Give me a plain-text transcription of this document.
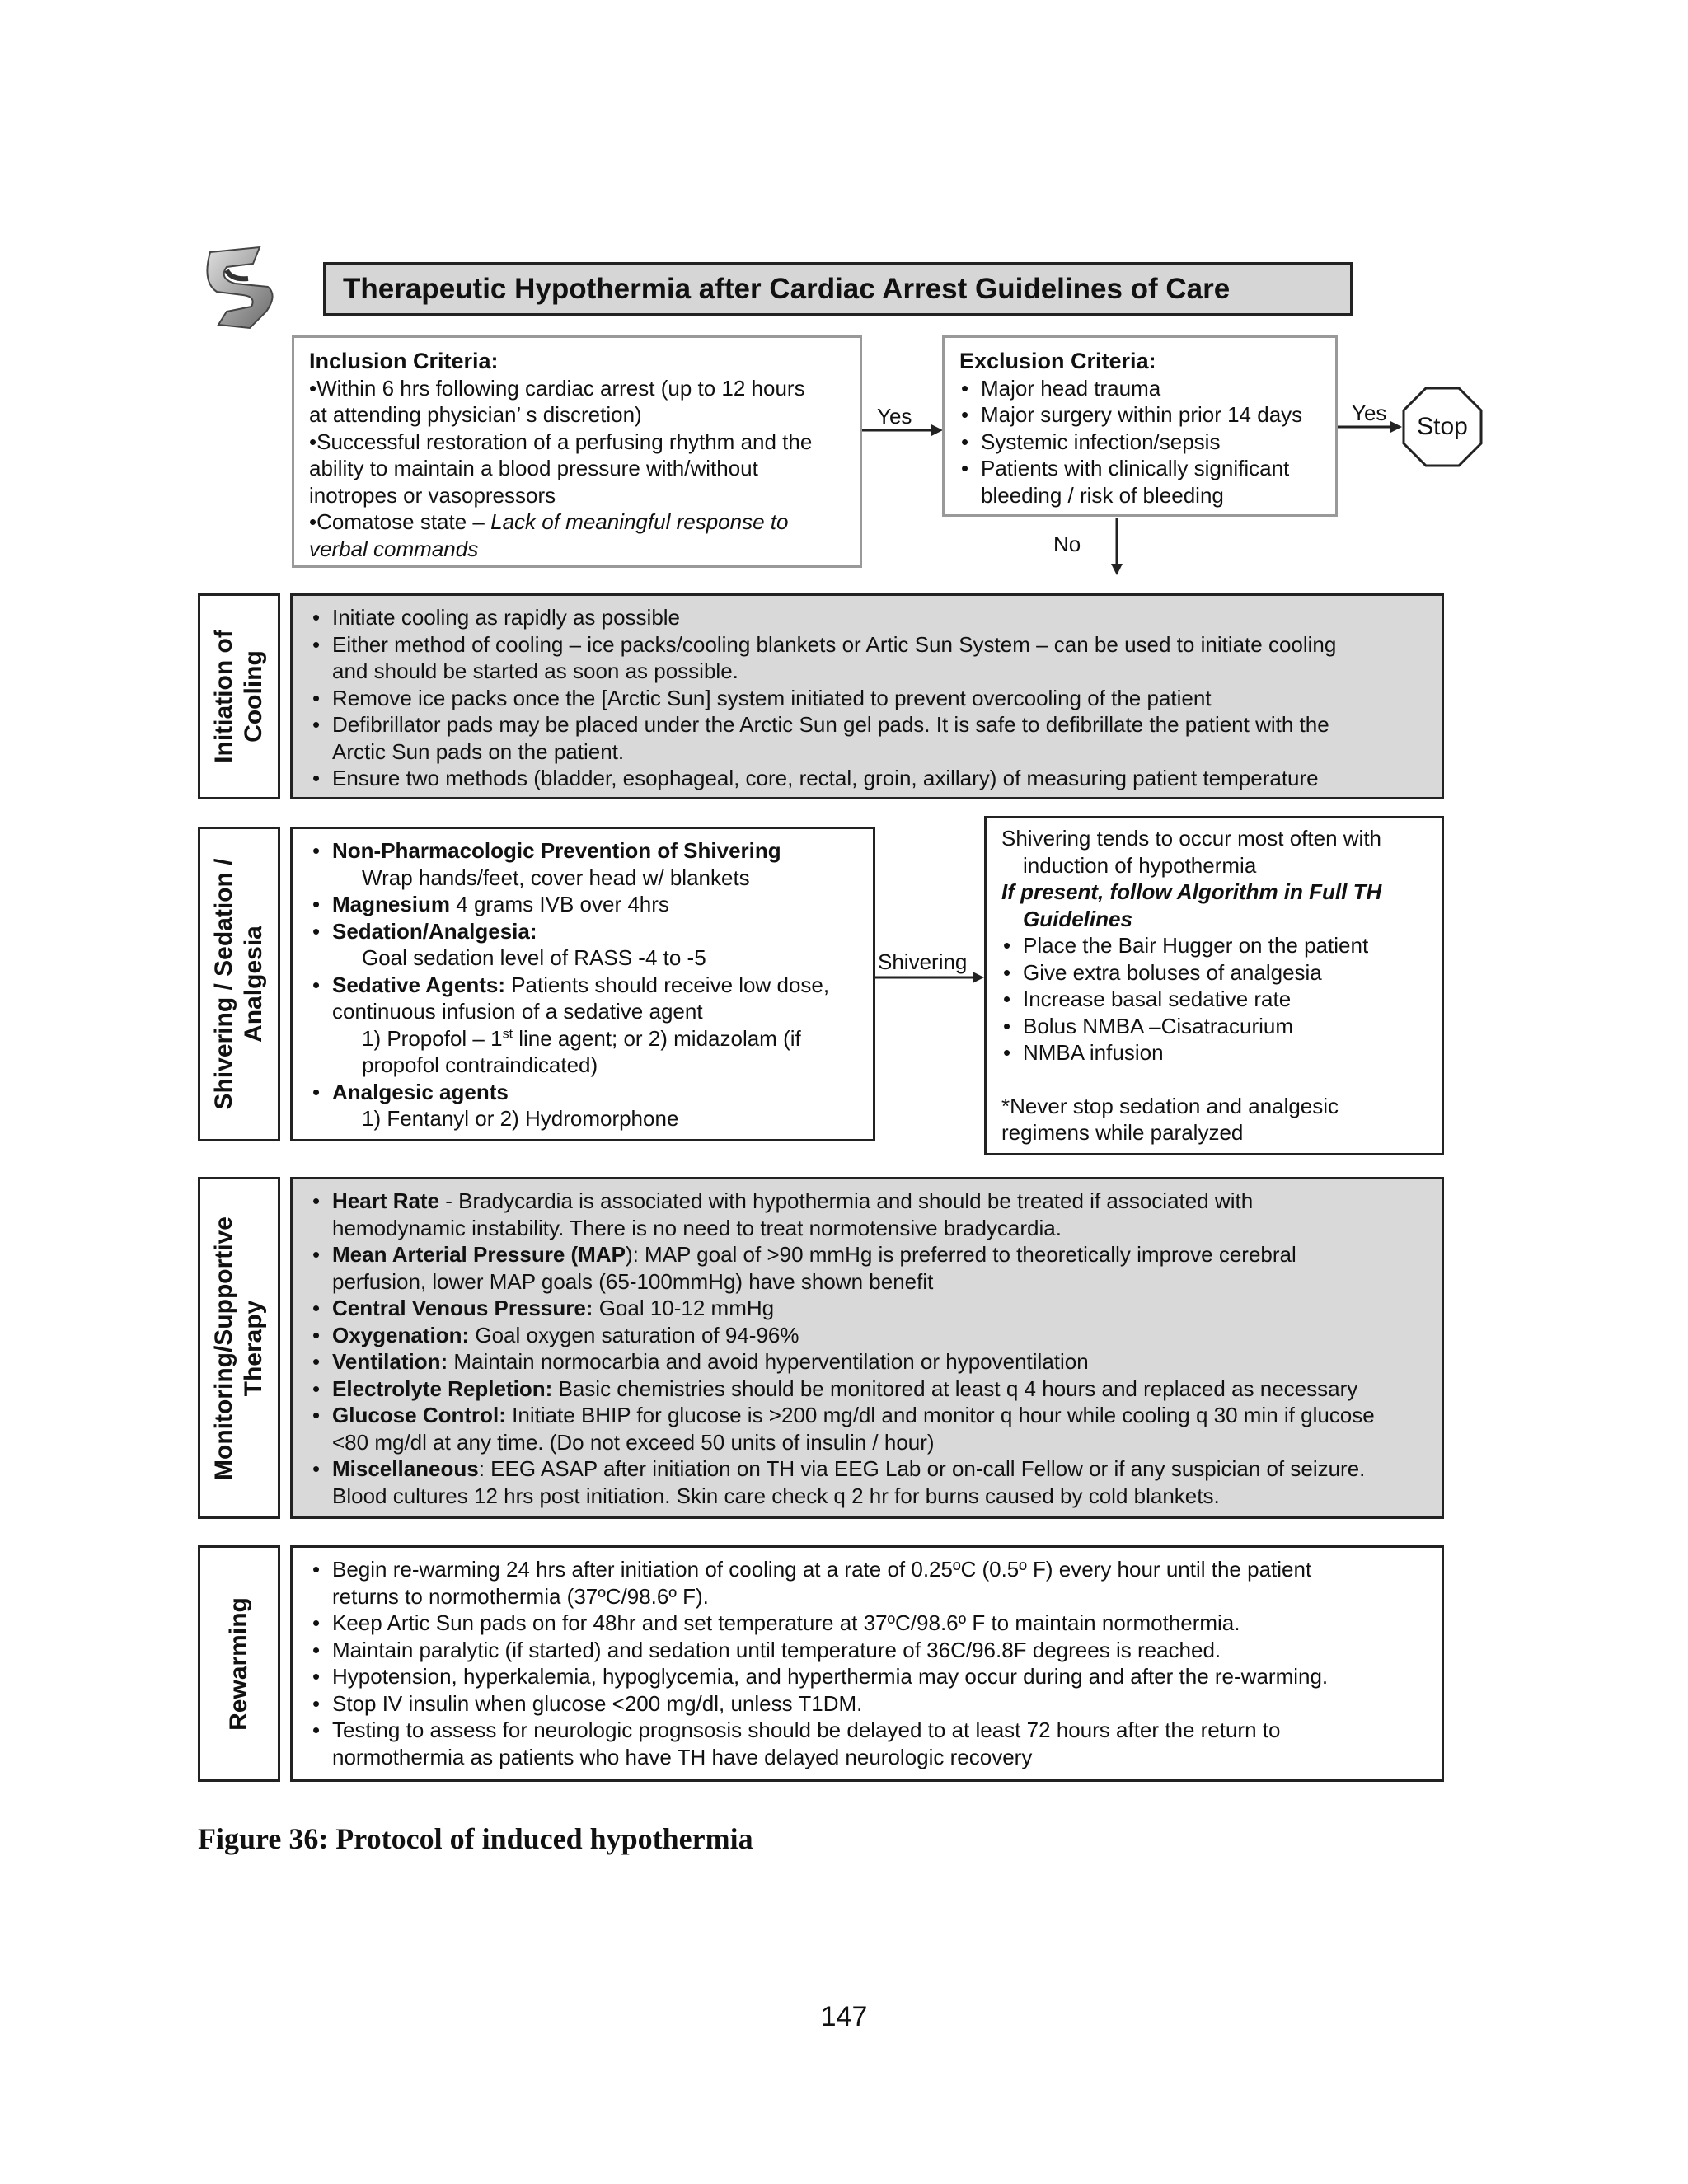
Therapeutic Hypothermia after Cardiac Arrest Guidelines of Care
Inclusion Criteria:
•Within 6 hrs following cardiac arrest (up to 12 hours
at attending physician’ s discretion)
•Successful restoration of a perfusing rhythm and the
ability to maintain a blood pressure with/without
inotropes or vasopressors
•Comatose state – Lack of meaningful response to
verbal commands
Yes
Exclusion Criteria:
• Major head trauma
• Major surgery within prior 14 days
• Systemic infection/sepsis
• Patients with clinically significant
bleeding / risk of bleeding
Yes	Stop
No
Initiation of Cooling
• Initiate cooling as rapidly as possible
• Either method of cooling – ice packs/cooling blankets or Artic Sun System – can be used to initiate cooling
and should be started as soon as possible.
• Remove ice packs once the [Arctic Sun] system initiated to prevent overcooling of the patient
• Defibrillator pads may be placed under the Arctic Sun gel pads. It is safe to defibrillate the patient with the
Arctic Sun pads on the patient.
• Ensure two methods (bladder, esophageal, core, rectal, groin, axillary) of measuring patient temperature
Shivering / Sedation / Analgesia
• Non-Pharmacologic Prevention of Shivering
Wrap hands/feet, cover head w/ blankets
• Magnesium 4 grams IVB over 4hrs
• Sedation/Analgesia:
Goal sedation level of RASS -4 to -5
• Sedative Agents: Patients should receive low dose,
continuous infusion of a sedative agent
1) Propofol – 1st line agent; or 2) midazolam (if
propofol contraindicated)
• Analgesic agents
1) Fentanyl or 2) Hydromorphone
Shivering
Shivering tends to occur most often with
induction of hypothermia
If present, follow Algorithm in Full TH
Guidelines
• Place the Bair Hugger on the patient
• Give extra boluses of analgesia
• Increase basal sedative rate
• Bolus NMBA –Cisatracurium
• NMBA infusion
*Never stop sedation and analgesic
regimens while paralyzed
Monitoring/Supportive Therapy
• Heart Rate - Bradycardia is associated with hypothermia and should be treated if associated with
hemodynamic instability. There is no need to treat normotensive bradycardia.
• Mean Arterial Pressure (MAP): MAP goal of >90 mmHg is preferred to theoretically improve cerebral
perfusion, lower MAP goals (65-100mmHg) have shown benefit
• Central Venous Pressure: Goal 10-12 mmHg
• Oxygenation: Goal oxygen saturation of 94-96%
• Ventilation: Maintain normocarbia and avoid hyperventilation or hypoventilation
• Electrolyte Repletion: Basic chemistries should be monitored at least q 4 hours and replaced as necessary
• Glucose Control: Initiate BHIP for glucose is >200 mg/dl and monitor q hour while cooling q 30 min if glucose
<80 mg/dl at any time. (Do not exceed 50 units of insulin / hour)
• Miscellaneous: EEG ASAP after initiation on TH via EEG Lab or on-call Fellow or if any suspician of seizure.
Blood cultures 12 hrs post initiation. Skin care check q 2 hr for burns caused by cold blankets.
Rewarming
• Begin re-warming 24 hrs after initiation of cooling at a rate of 0.25ºC (0.5º F) every hour until the patient
returns to normothermia (37ºC/98.6º F).
• Keep Artic Sun pads on for 48hr and set temperature at 37ºC/98.6º F to maintain normothermia.
• Maintain paralytic (if started) and sedation until temperature of 36C/96.8F degrees is reached.
• Hypotension, hyperkalemia, hypoglycemia, and hyperthermia may occur during and after the re-warming.
• Stop IV insulin when glucose <200 mg/dl, unless T1DM.
• Testing to assess for neurologic prognsosis should be delayed to at least 72 hours after the return to
normothermia as patients who have TH have delayed neurologic recovery
Figure 36: Protocol of induced hypothermia
147
